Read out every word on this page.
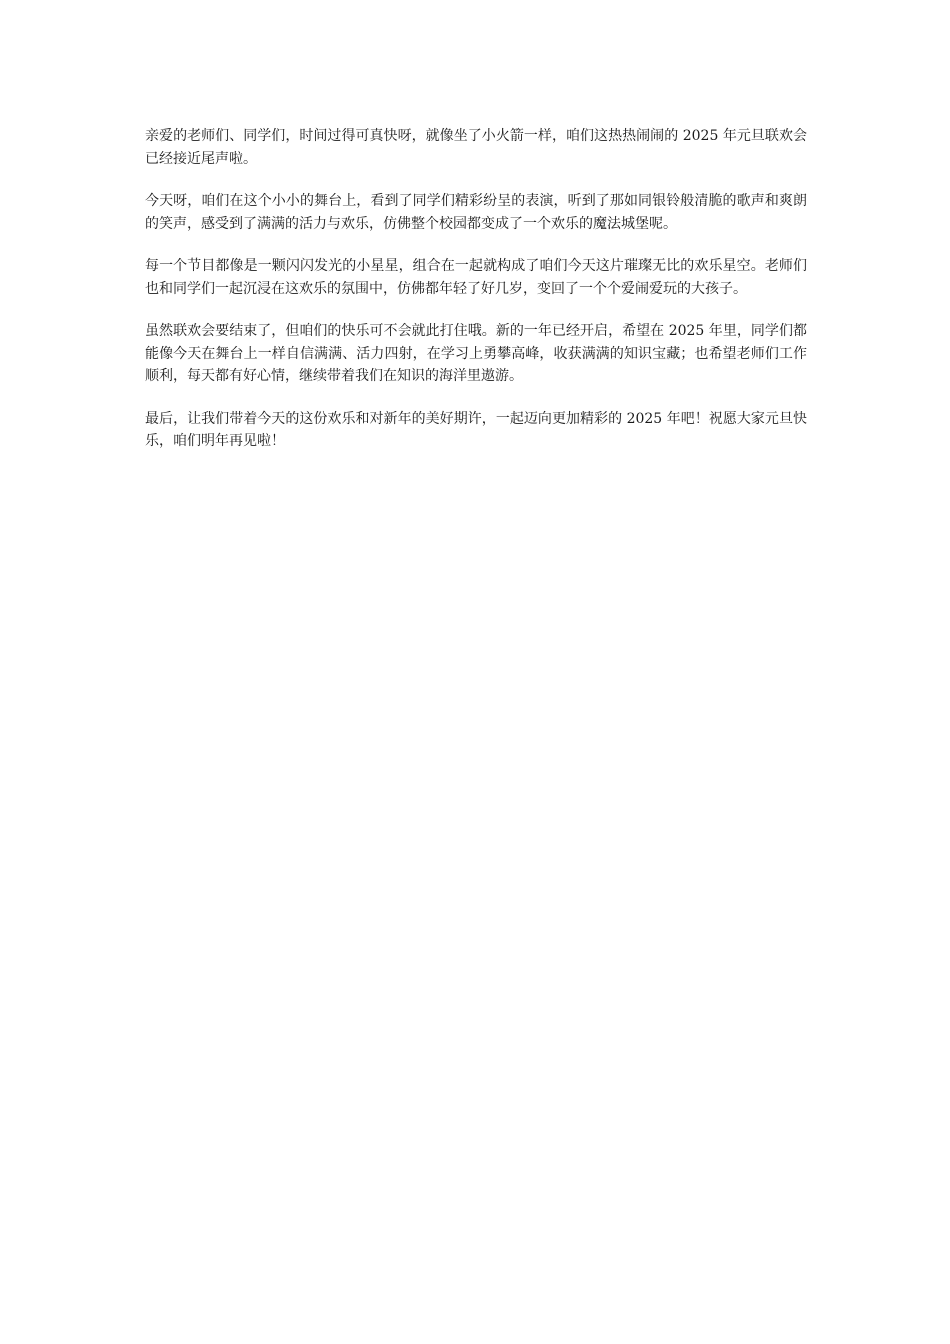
亲爱的老师们、同学们，时间过得可真快呀，就像坐了小火箭一样，咱们这热热闹闹的 2025 年元旦联欢会已经接近尾声啦。

今天呀，咱们在这个小小的舞台上，看到了同学们精彩纷呈的表演，听到了那如同银铃般清脆的歌声和爽朗的笑声，感受到了满满的活力与欢乐，仿佛整个校园都变成了一个欢乐的魔法城堡呢。

每一个节目都像是一颗闪闪发光的小星星，组合在一起就构成了咱们今天这片璀璨无比的欢乐星空。老师们也和同学们一起沉浸在这欢乐的氛围中，仿佛都年轻了好几岁，变回了一个个爱闹爱玩的大孩子。

虽然联欢会要结束了，但咱们的快乐可不会就此打住哦。新的一年已经开启，希望在 2025 年里，同学们都能像今天在舞台上一样自信满满、活力四射，在学习上勇攀高峰，收获满满的知识宝藏；也希望老师们工作顺利，每天都有好心情，继续带着我们在知识的海洋里遨游。

最后，让我们带着今天的这份欢乐和对新年的美好期许，一起迈向更加精彩的 2025 年吧！祝愿大家元旦快乐，咱们明年再见啦！
